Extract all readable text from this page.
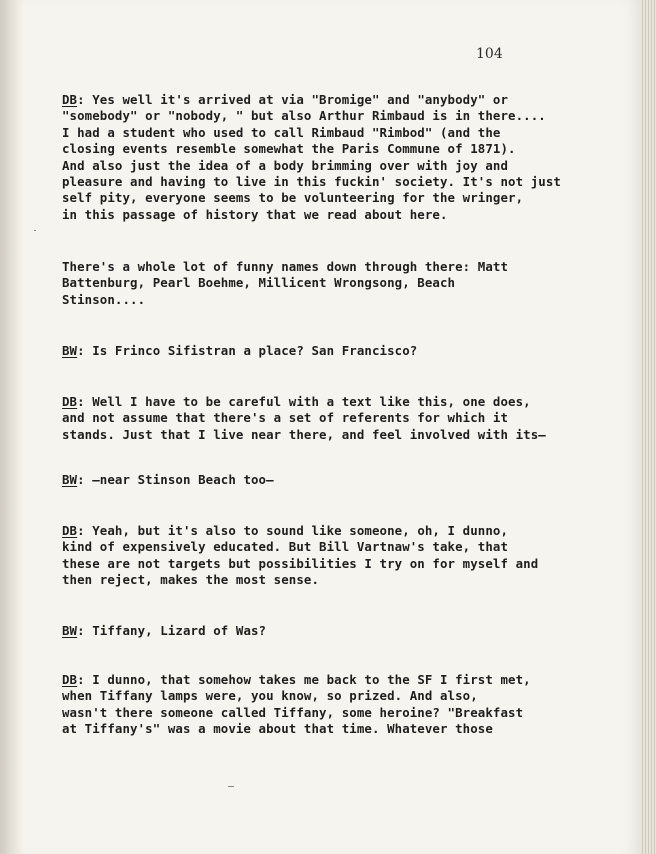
104
DB: Yes well it's arrived at via "Bromige" and "anybody" or
"somebody" or "nobody, " but also Arthur Rimbaud is in there....
I had a student who used to call Rimbaud "Rimbod" (and the
closing events resemble somewhat the Paris Commune of 1871).
And also just the idea of a body brimming over with joy and
pleasure and having to live in this fuckin' society. It's not just
self pity, everyone seems to be volunteering for the wringer,
in this passage of history that we read about here.
There's a whole lot of funny names down through there: Matt
Battenburg, Pearl Boehme, Millicent Wrongsong, Beach
Stinson....
BW: Is Frinco Sifistran a place? San Francisco?
DB: Well I have to be careful with a text like this, one does,
and not assume that there's a set of referents for which it
stands. Just that I live near there, and feel involved with its—
BW: —near Stinson Beach too—
DB: Yeah, but it's also to sound like someone, oh, I dunno,
kind of expensively educated. But Bill Vartnaw's take, that
these are not targets but possibilities I try on for myself and
then reject, makes the most sense.
BW: Tiffany, Lizard of Was?
DB: I dunno, that somehow takes me back to the SF I first met,
when Tiffany lamps were, you know, so prized. And also,
wasn't there someone called Tiffany, some heroine? "Breakfast
at Tiffany's" was a movie about that time. Whatever those
